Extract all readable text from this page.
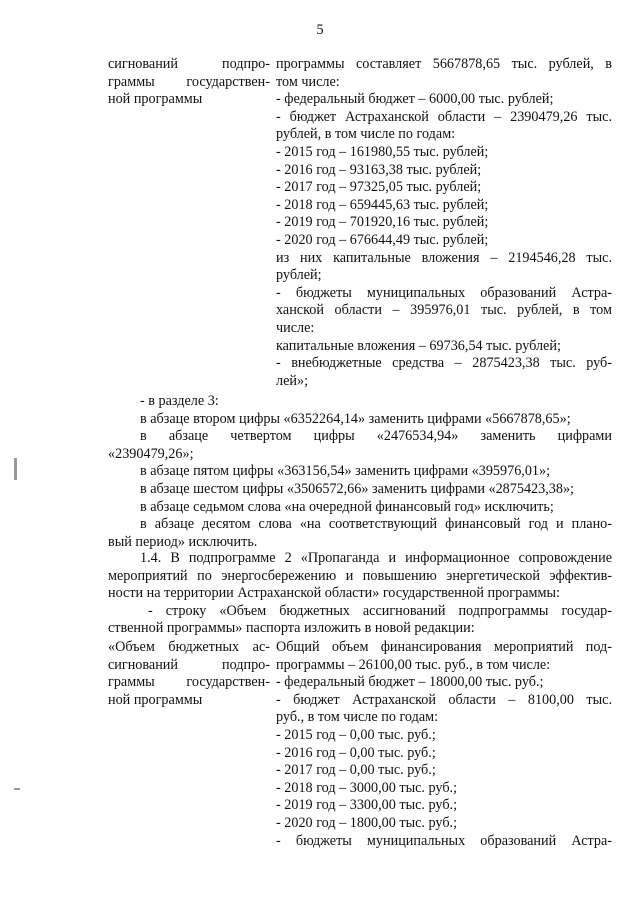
5
сигнований подпро-
граммы государствен-
ной программы
программы составляет 5667878,65 тыс. рублей, в
том числе:
- федеральный бюджет – 6000,00 тыс. рублей;
- бюджет Астраханской области – 2390479,26 тыс.
рублей, в том числе по годам:
- 2015 год – 161980,55 тыс. рублей;
- 2016 год – 93163,38 тыс. рублей;
- 2017 год – 97325,05 тыс. рублей;
- 2018 год – 659445,63 тыс. рублей;
- 2019 год – 701920,16 тыс. рублей;
- 2020 год – 676644,49 тыс. рублей;
из них капитальные вложения – 2194546,28 тыс.
рублей;
- бюджеты муниципальных образований Астра-
ханской области – 395976,01 тыс. рублей, в том
числе:
капитальные вложения – 69736,54 тыс. рублей;
- внебюджетные средства – 2875423,38 тыс. руб-
лей»;
- в разделе 3:
в абзаце втором цифры «6352264,14» заменить цифрами «5667878,65»;
в абзаце четвертом цифры «2476534,94» заменить цифрами
«2390479,26»;
в абзаце пятом цифры «363156,54» заменить цифрами «395976,01»;
в абзаце шестом цифры «3506572,66» заменить цифрами «2875423,38»;
в абзаце седьмом слова «на очередной финансовый год» исключить;
в абзаце десятом слова «на соответствующий финансовый год и плано-
вый период» исключить.
1.4. В подпрограмме 2 «Пропаганда и информационное сопровождение
мероприятий по энергосбережению и повышению энергетической эффектив-
ности на территории Астраханской области» государственной программы:
- строку «Объем бюджетных ассигнований подпрограммы государ-
ственной программы» паспорта изложить в новой редакции:
«Объем бюджетных ас-
сигнований подпро-
граммы государствен-
ной программы
Общий объем финансирования мероприятий под-
программы – 26100,00 тыс. руб., в том числе:
- федеральный бюджет – 18000,00 тыс. руб.;
- бюджет Астраханской области – 8100,00 тыс.
руб., в том числе по годам:
- 2015 год – 0,00 тыс. руб.;
- 2016 год – 0,00 тыс. руб.;
- 2017 год – 0,00 тыс. руб.;
- 2018 год – 3000,00 тыс. руб.;
- 2019 год – 3300,00 тыс. руб.;
- 2020 год – 1800,00 тыс. руб.;
- бюджеты муниципальных образований Астра-
